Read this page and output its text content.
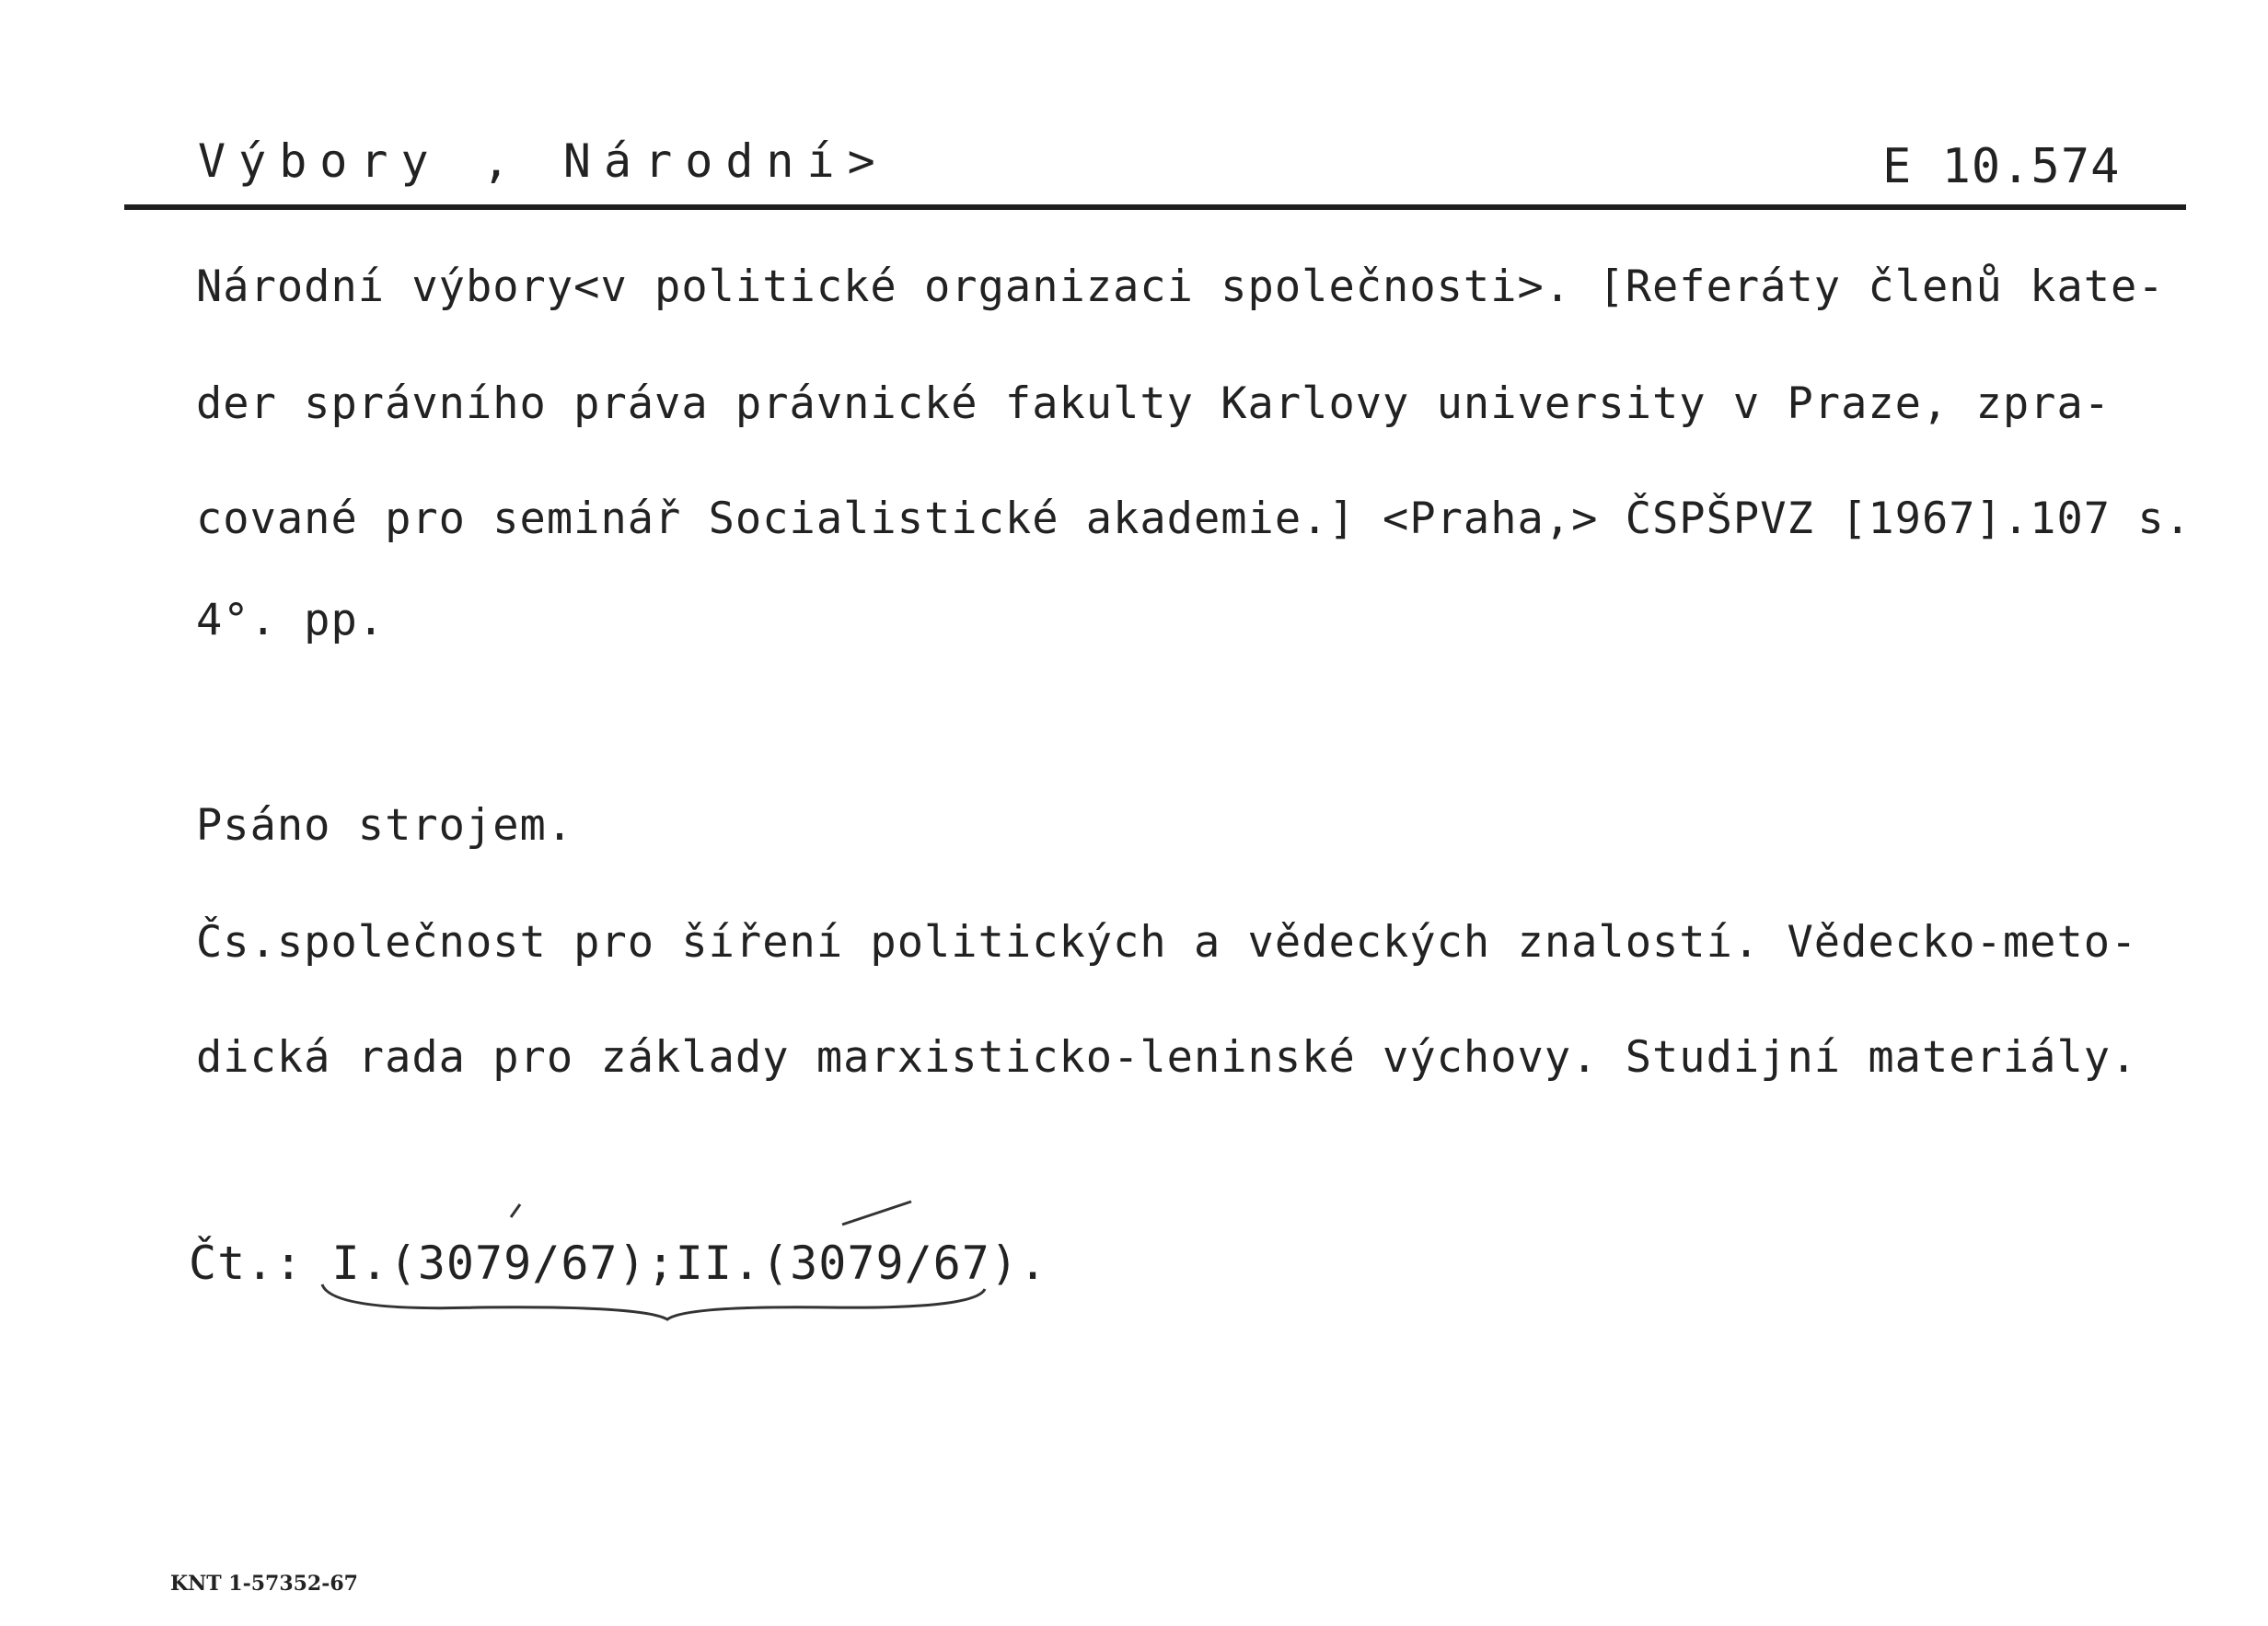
Výbory , Národní>	E 10.574
Národní výbory<v politické organizaci společnosti>. [Referáty členů kate-
der správního práva právnické fakulty Karlovy university v Praze, zpra-
cované pro seminář Socialistické akademie.] <Praha,> ČSPŠPVZ [1967].107 s.
4°. pp.
Psáno strojem.
Čs.společnost pro šíření politických a vědeckých znalostí. Vědecko-meto-
dická rada pro základy marxisticko-leninské výchovy. Studijní materiály.
Čt.: I.(3079/67);II.(3079/67).
KNT 1-57352-67
